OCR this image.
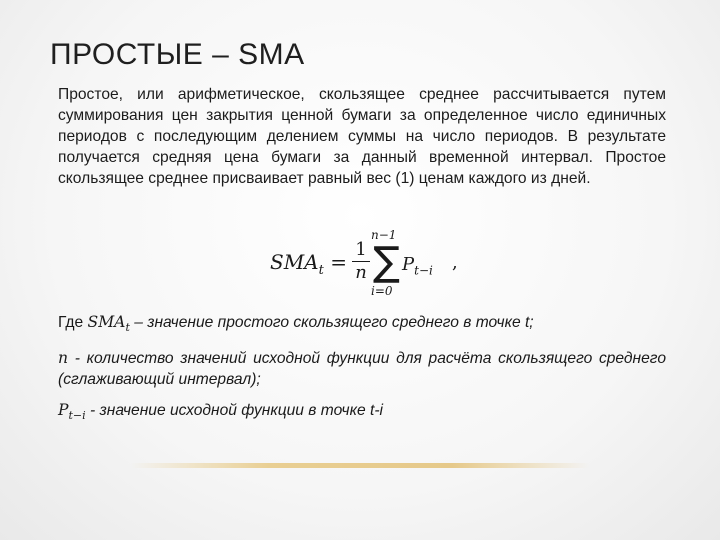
ПРОСТЫЕ – SMA

Простое, или арифметическое, скользящее среднее рассчитывается путем суммирования цен закрытия ценной бумаги за определенное число единичных периодов с последующим делением суммы на число периодов. В результате получается средняя цена бумаги за данный временной интервал. Простое скользящее среднее присваивает равный вес (1) ценам каждого из дней.

$SMA_t$ =
1
n
n−1
∑
i=0
$P_{t-i}$ ,

Где $SMA_t$ – значение простого скользящего среднего в точке t;

n - количество значений исходной функции для расчёта скользящего среднего (сглаживающий интервал);

$P_{t-i}$ - значение исходной функции в точке t-i
